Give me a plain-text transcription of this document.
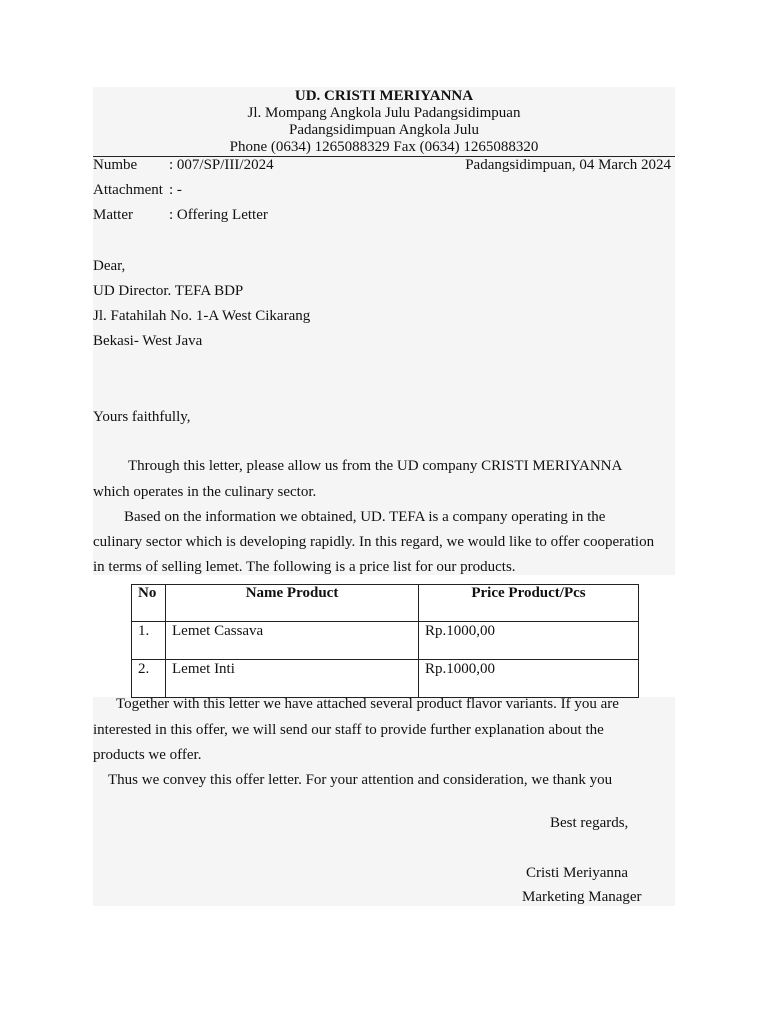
UD. CRISTI MERIYANNA
Jl. Mompang Angkola Julu Padangsidimpuan
Padangsidimpuan Angkola Julu
Phone (0634) 1265088329 Fax (0634) 1265088320
Numbe : 007/SP/III/2024	Padangsidimpuan, 04 March 2024
Attachment : -
Matter : Offering Letter
Dear,
UD Director. TEFA BDP
Jl. Fatahilah No. 1-A West Cikarang
Bekasi- West Java
Yours faithfully,
Through this letter, please allow us from the UD company CRISTI MERIYANNA
which operates in the culinary sector.
Based on the information we obtained, UD. TEFA is a company operating in the
culinary sector which is developing rapidly. In this regard, we would like to offer cooperation
in terms of selling lemet. The following is a price list for our products.
No	Name Product	Price Product/Pcs
1.	Lemet Cassava	Rp.1000,00
2.	Lemet Inti	Rp.1000,00
Together with this letter we have attached several product flavor variants. If you are
interested in this offer, we will send our staff to provide further explanation about the
products we offer.
Thus we convey this offer letter. For your attention and consideration, we thank you
Best regards,
Cristi Meriyanna
Marketing Manager
